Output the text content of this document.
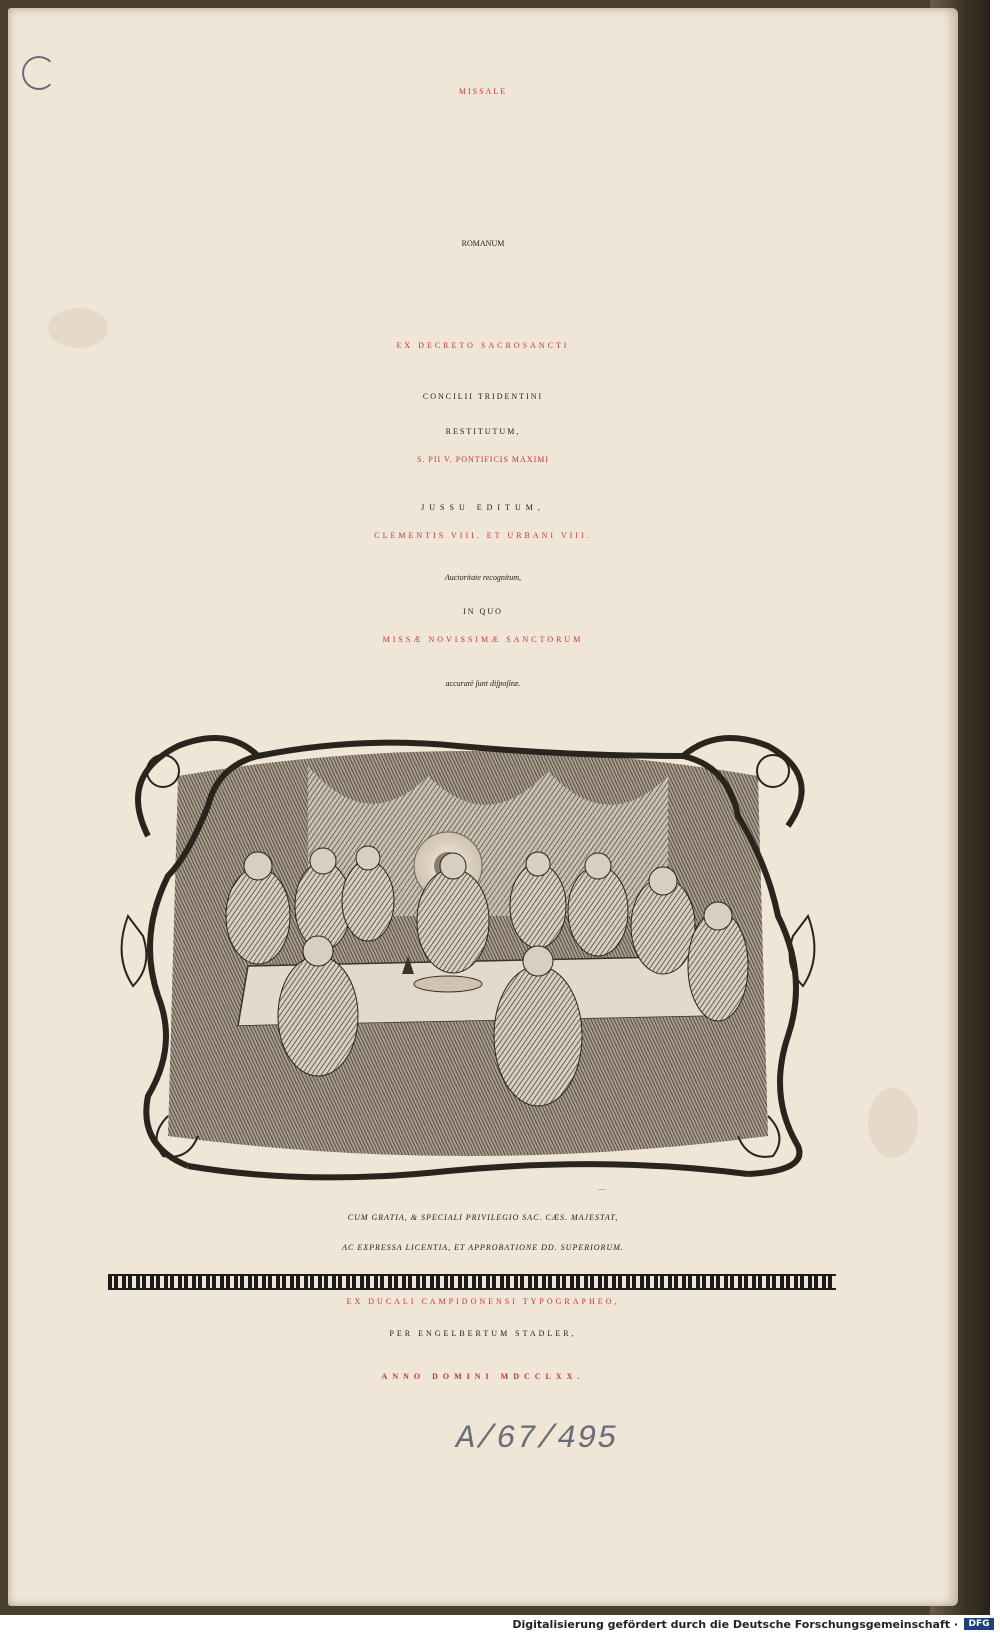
MISSALE
ROMANUM
EX DECRETO SACROSANCTI
CONCILII TRIDENTINI
RESTITUTUM,
S. PII V. PONTIFICIS MAXIMI
JUSSU EDITUM,
CLEMENTIS VIII. ET URBANI VIII.
Auctoritate recognitum,
IN QUO
MISSÆ NOVISSIMÆ SANCTORUM
accuratè ſunt diſpoſitæ.
—
CUM GRATIA, & SPECIALI PRIVILEGIO SAC. CÆS. MAJESTAT,
AC EXPRESSA LICENTIA, ET APPROBATIONE DD. SUPERIORUM.
EX DUCALI CAMPIDONENSI TYPOGRAPHEO,
PER ENGELBERTUM STADLER,
ANNO DOMINI MDCCLXX.
A/67/495
Digitalisierung gefördert durch die Deutsche Forschungsgemeinschaft ·	DFG
